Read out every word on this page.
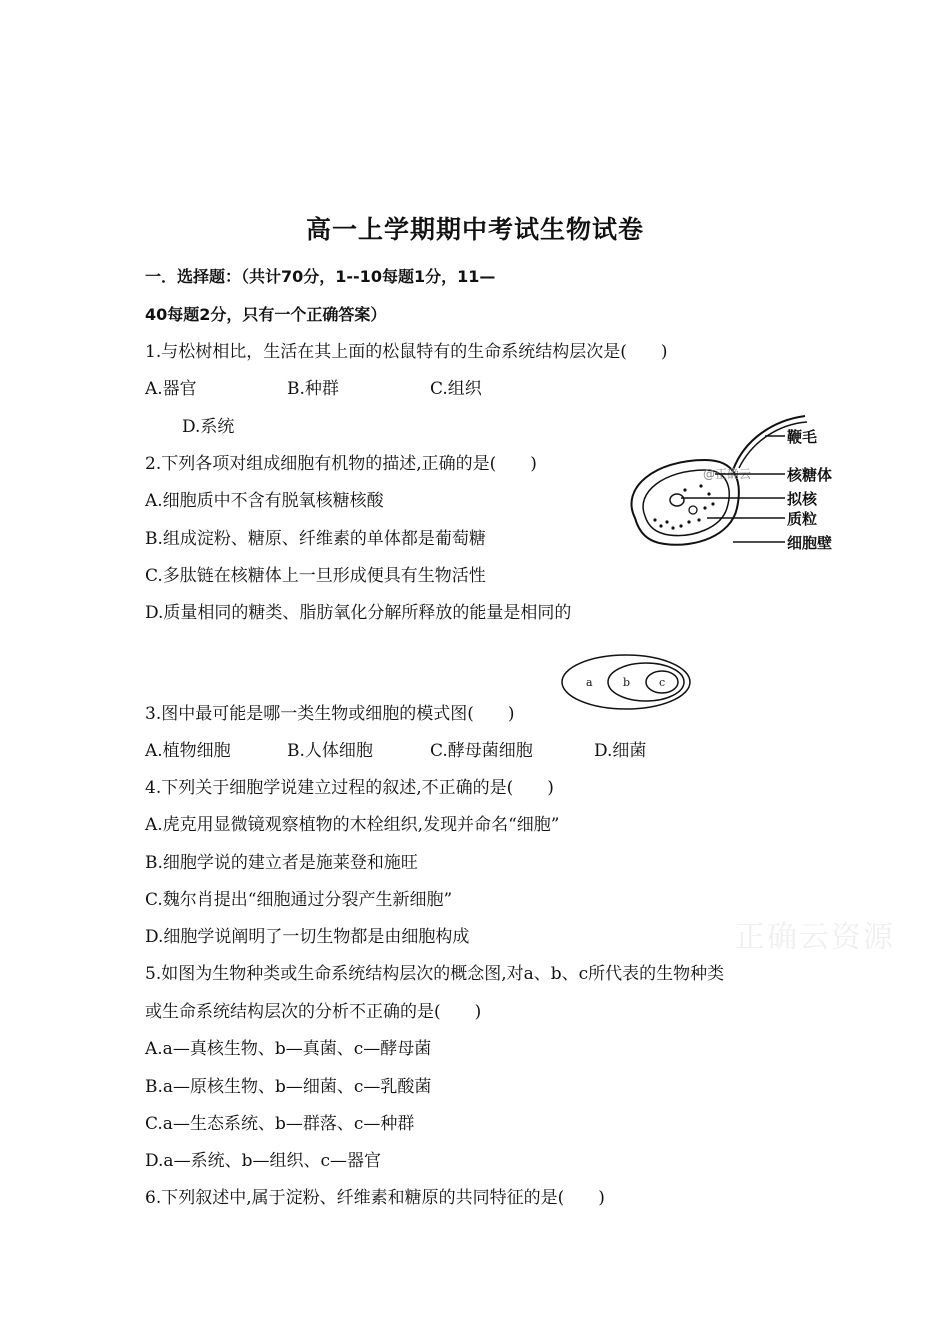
高一上学期期中考试生物试卷
一．选择题：（共计70分，1--10每题1分，11—
40每题2分，只有一个正确答案）
1.与松树相比，生活在其上面的松鼠特有的生命系统结构层次是(　　)
A.器官	B.种群	C.组织
D.系统
2.下列各项对组成细胞有机物的描述,正确的是(　　)
A.细胞质中不含有脱氧核糖核酸
B.组成淀粉、糖原、纤维素的单体都是葡萄糖
C.多肽链在核糖体上一旦形成便具有生物活性
D.质量相同的糖类、脂肪氧化分解所释放的能量是相同的
@正确云
鞭毛
核糖体
拟核
质粒
细胞壁
a	b	c
3.图中最可能是哪一类生物或细胞的模式图(　　)
A.植物细胞	B.人体细胞	C.酵母菌细胞	D.细菌
4.下列关于细胞学说建立过程的叙述,不正确的是(　　)
A.虎克用显微镜观察植物的木栓组织,发现并命名“细胞”
B.细胞学说的建立者是施莱登和施旺
C.魏尔肖提出“细胞通过分裂产生新细胞”
D.细胞学说阐明了一切生物都是由细胞构成	正确云资源
5.如图为生物种类或生命系统结构层次的概念图,对a、b、c所代表的生物种类
或生命系统结构层次的分析不正确的是(　　)
A.a—真核生物、b—真菌、c—酵母菌
B.a—原核生物、b—细菌、c—乳酸菌
C.a—生态系统、b—群落、c—种群
D.a—系统、b—组织、c—器官
6.下列叙述中,属于淀粉、纤维素和糖原的共同特征的是(　　)
